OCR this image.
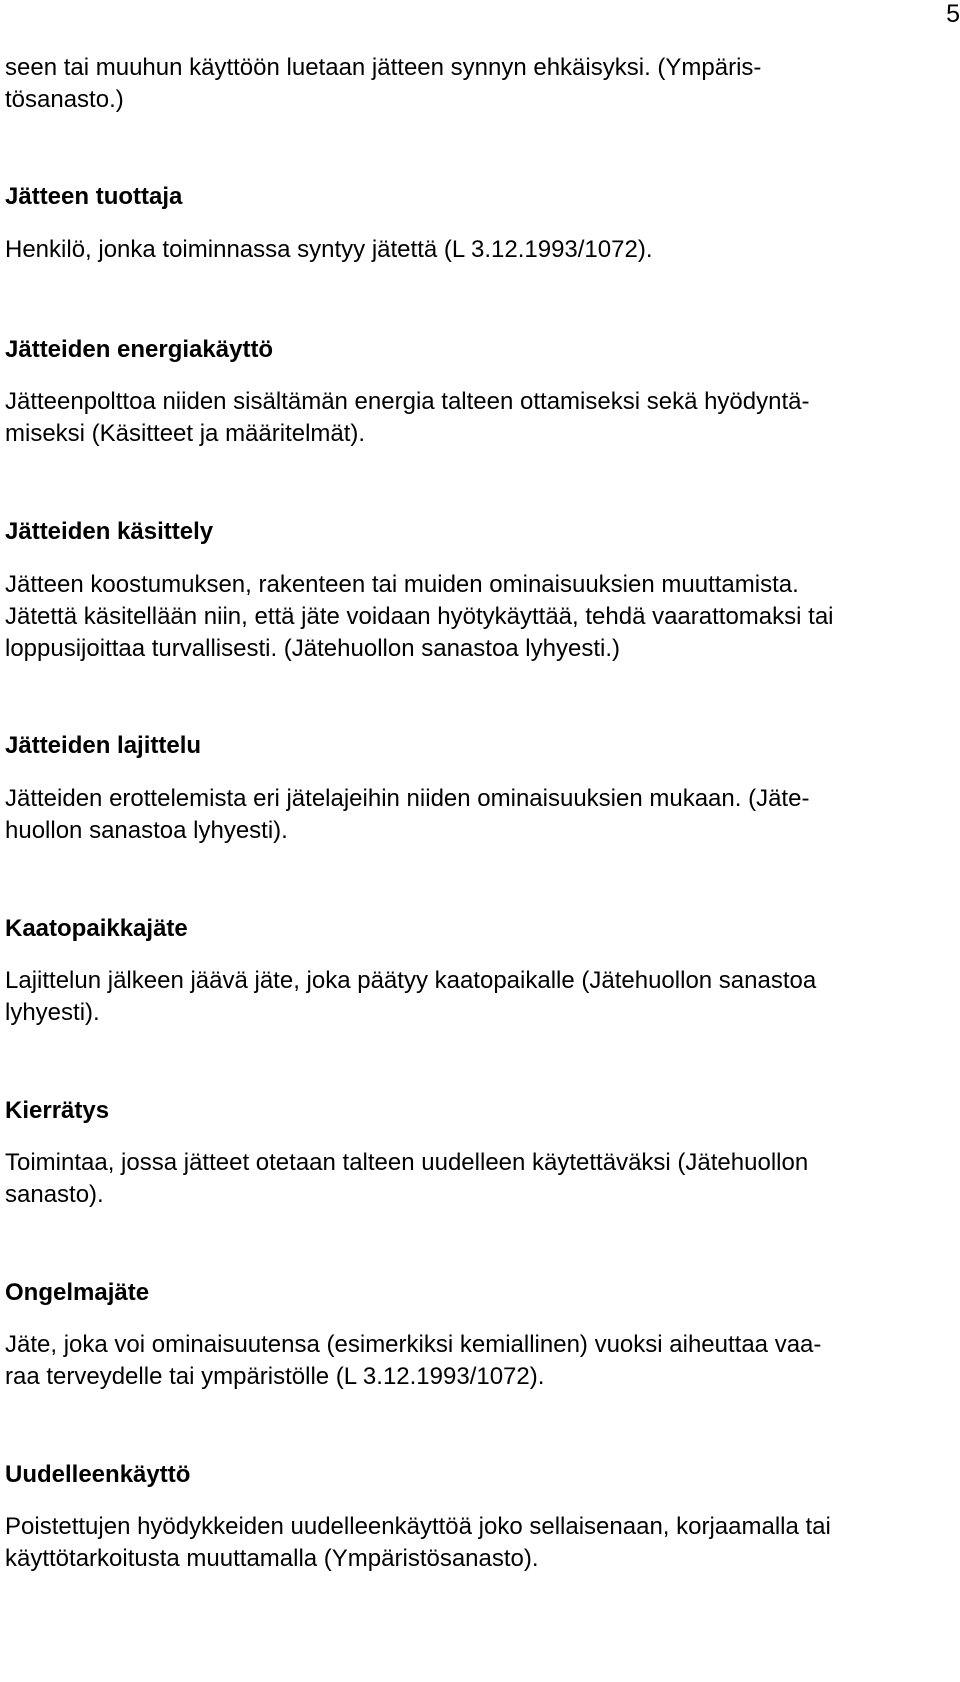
5
seen tai muuhun käyttöön luetaan jätteen synnyn ehkäisyksi. (Ympäris-
tösanasto.)
Jätteen tuottaja
Henkilö, jonka toiminnassa syntyy jätettä (L 3.12.1993/1072).
Jätteiden energiakäyttö
Jätteenpolttoa niiden sisältämän energia talteen ottamiseksi sekä hyödyntä-
miseksi (Käsitteet ja määritelmät).
Jätteiden käsittely
Jätteen koostumuksen, rakenteen tai muiden ominaisuuksien muuttamista.
Jätettä käsitellään niin, että jäte voidaan hyötykäyttää, tehdä vaarattomaksi tai
loppusijoittaa turvallisesti. (Jätehuollon sanastoa lyhyesti.)
Jätteiden lajittelu
Jätteiden erottelemista eri jätelajeihin niiden ominaisuuksien mukaan. (Jäte-
huollon sanastoa lyhyesti).
Kaatopaikkajäte
Lajittelun jälkeen jäävä jäte, joka päätyy kaatopaikalle (Jätehuollon sanastoa
lyhyesti).
Kierrätys
Toimintaa, jossa jätteet otetaan talteen uudelleen käytettäväksi (Jätehuollon
sanasto).
Ongelmajäte
Jäte, joka voi ominaisuutensa (esimerkiksi kemiallinen) vuoksi aiheuttaa vaa-
raa terveydelle tai ympäristölle (L 3.12.1993/1072).
Uudelleenkäyttö
Poistettujen hyödykkeiden uudelleenkäyttöä joko sellaisenaan, korjaamalla tai
käyttötarkoitusta muuttamalla (Ympäristösanasto).
